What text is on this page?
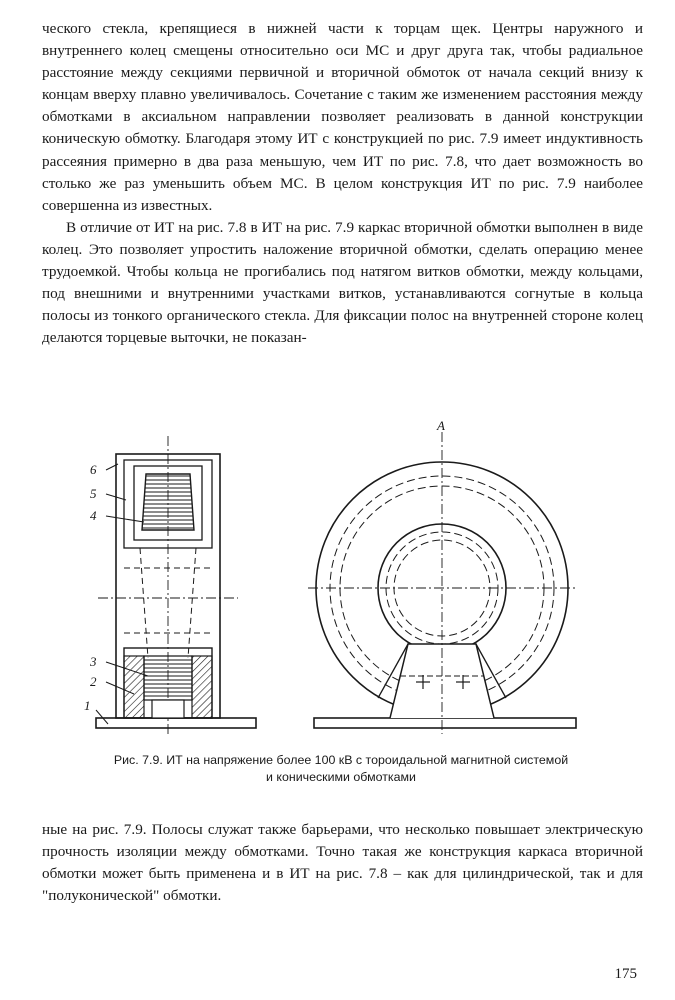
ческого стекла, крепящиеся в нижней части к торцам щек. Центры наружного и внутреннего колец смещены относительно оси МС и друг друга так, чтобы радиальное расстояние между секциями первичной и вторичной обмоток от начала секций внизу к концам вверху плавно увеличивалось. Сочетание с таким же изменением расстояния между обмотками в аксиальном направлении позволяет реализовать в данной конструкции коническую обмотку. Благодаря этому ИТ с конструкцией по рис. 7.9 имеет индуктивность рассеяния примерно в два раза меньшую, чем ИТ по рис. 7.8, что дает возможность во столько же раз уменьшить объем МС. В целом конструкция ИТ по рис. 7.9 наиболее совершенна из известных.

В отличие от ИТ на рис. 7.8 в ИТ на рис. 7.9 каркас вторичной обмотки выполнен в виде колец. Это позволяет упростить наложение вторичной обмотки, сделать операцию менее трудоемкой. Чтобы кольца не прогибались под натягом витков обмотки, между кольцами, под внешними и внутренними участками витков, устанавливаются согнутые в кольца полосы из тонкого органического стекла. Для фиксации полос на внутренней стороне колец делаются торцевые выточки, не показан-

6
5
4
3
2
1
A
Рис. 7.9. ИТ на напряжение более 100 кВ с тороидальной магнитной системой
и коническими обмотками

ные на рис. 7.9. Полосы служат также барьерами, что несколько повышает электрическую прочность изоляции между обмотками. Точно такая же конструкция каркаса вторичной обмотки может быть применена и в ИТ на рис. 7.8 – как для цилиндрической, так и для "полуконической" обмотки.

175
